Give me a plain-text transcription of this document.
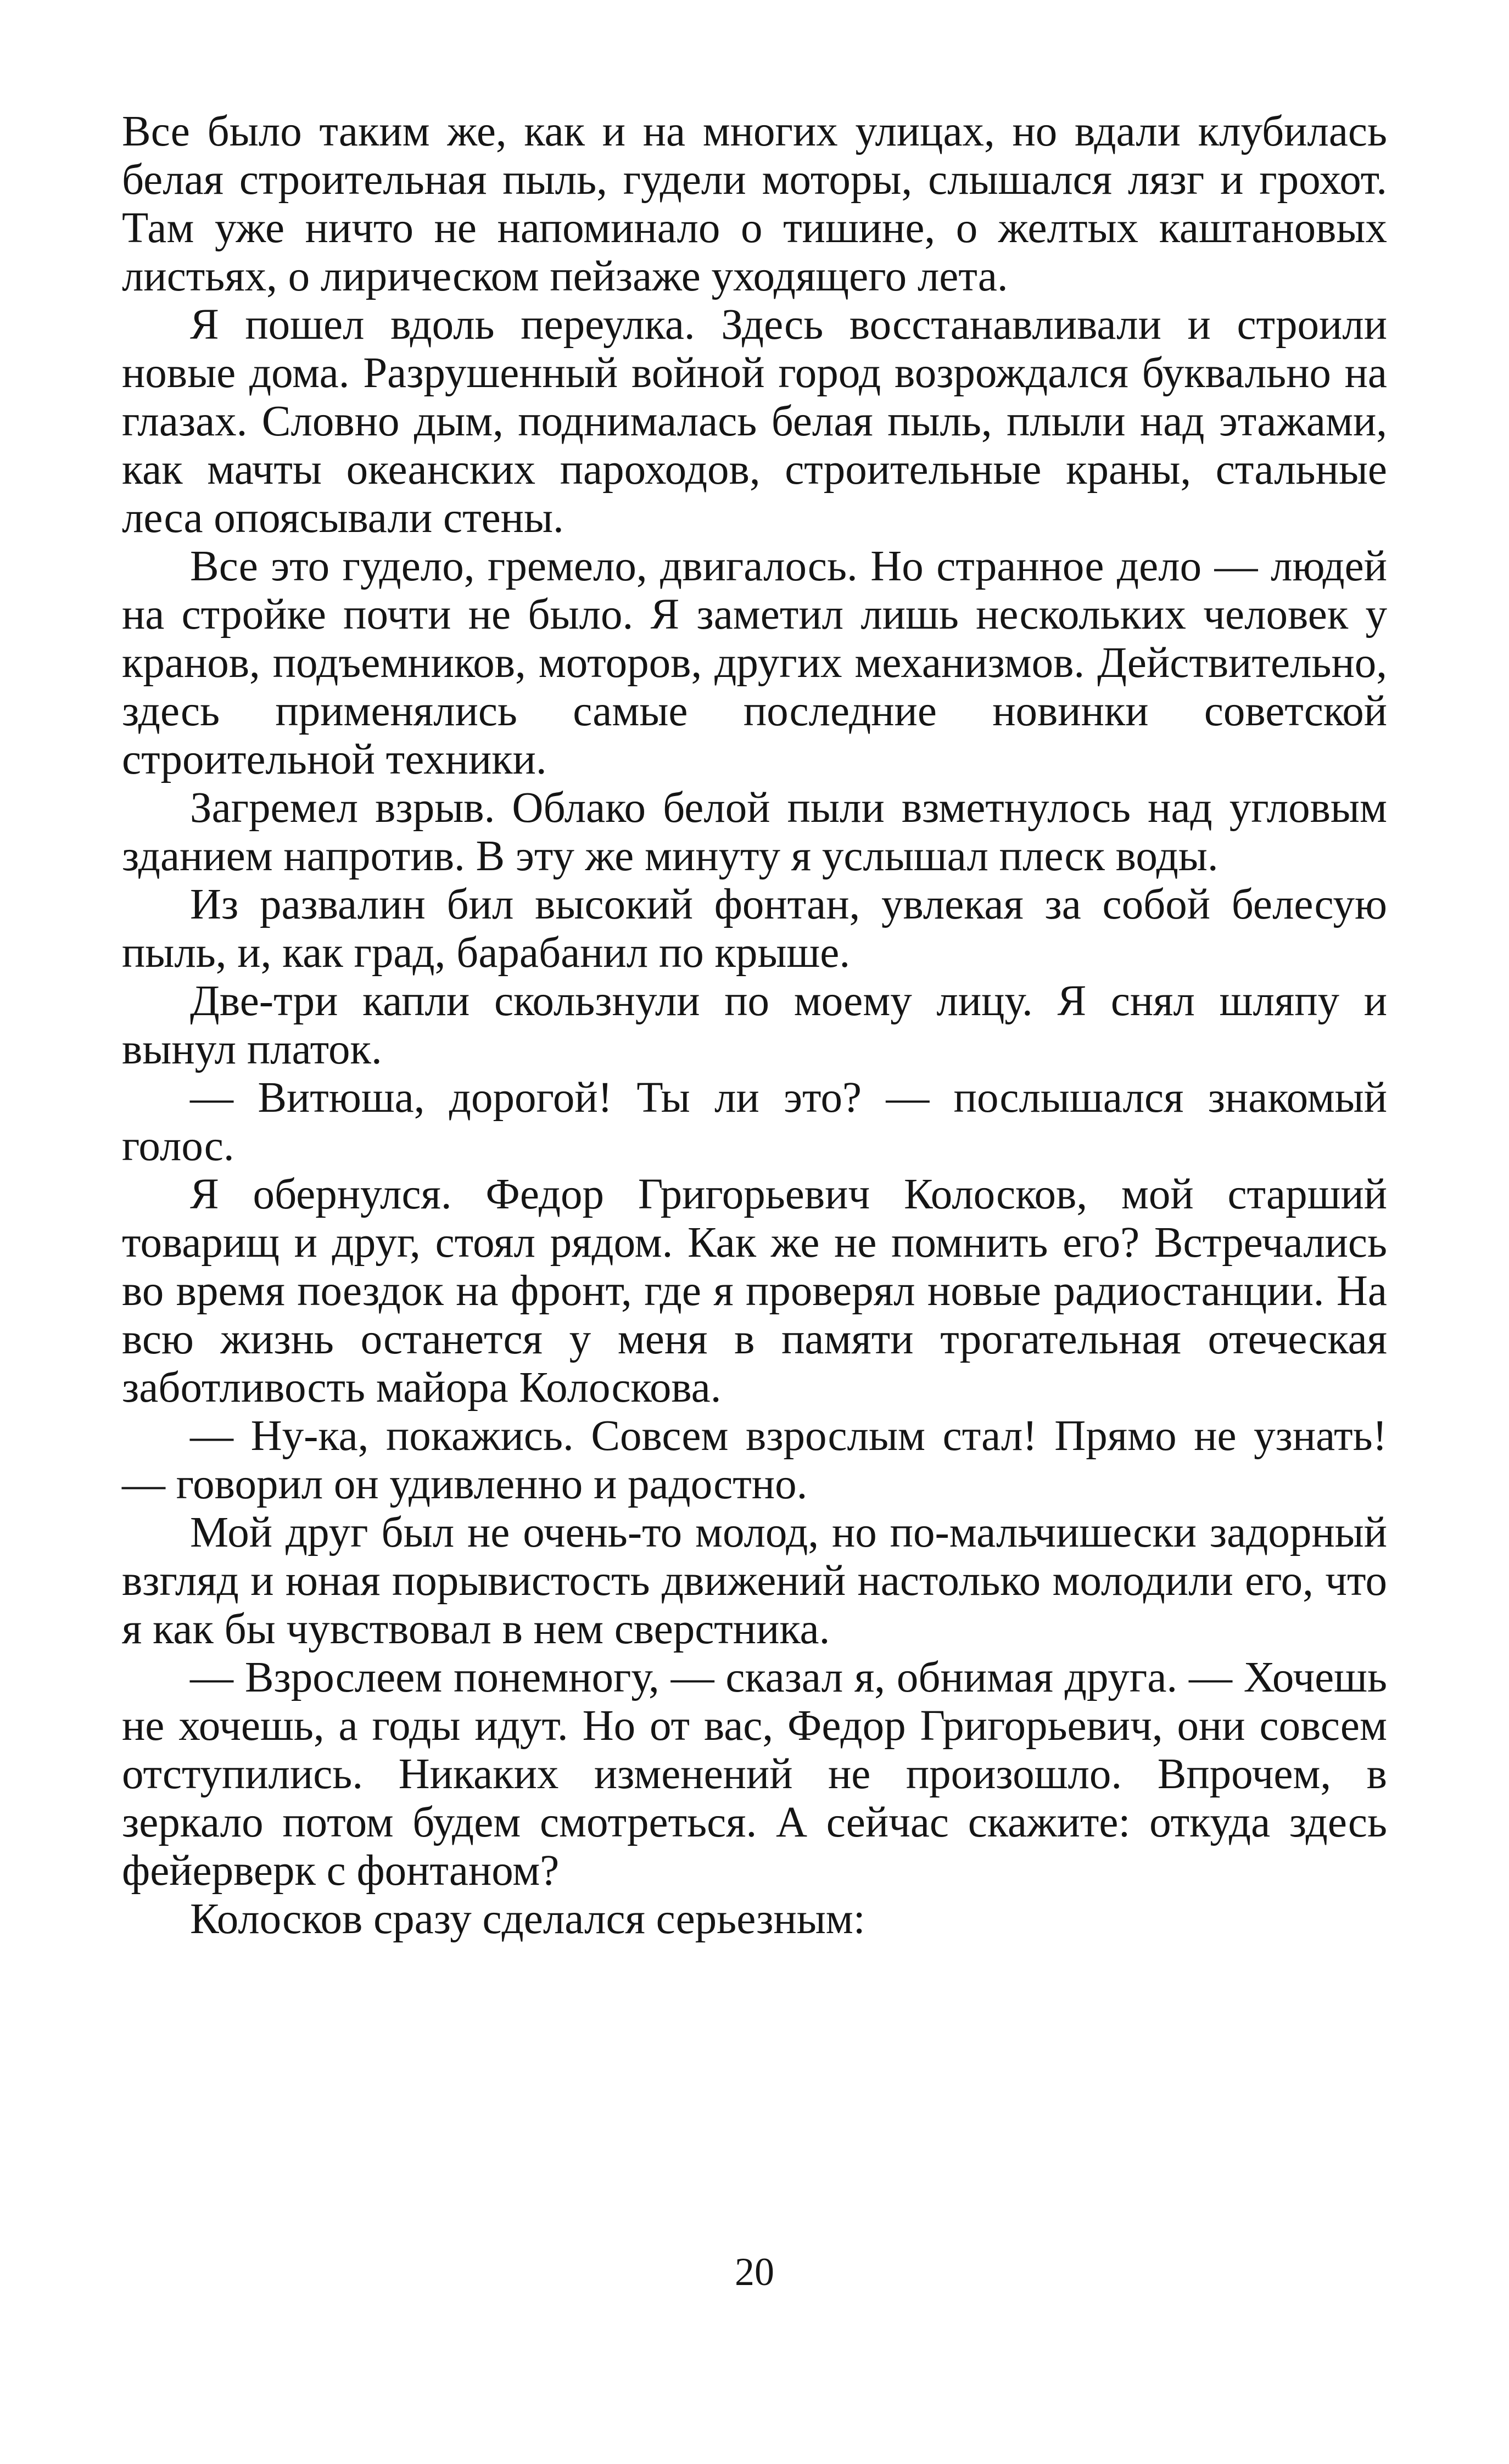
Все было таким же, как и на многих улицах, но вдали клубилась белая строительная пыль, гудели моторы, слышался лязг и грохот. Там уже ничто не напоминало о тишине, о желтых каштановых листьях, о лирическом пейзаже уходящего лета.

Я пошел вдоль переулка. Здесь восстанавливали и строили новые дома. Разрушенный войной город возрождался буквально на глазах. Словно дым, поднималась белая пыль, плыли над этажами, как мачты океанских пароходов, строительные краны, стальные леса опоясывали стены.

Все это гудело, гремело, двигалось. Но странное дело — людей на стройке почти не было. Я заметил лишь нескольких человек у кранов, подъемников, моторов, других механизмов. Действительно, здесь применялись самые последние новинки советской строительной техники.

Загремел взрыв. Облако белой пыли взметнулось над угловым зданием напротив. В эту же минуту я услышал плеск воды.

Из развалин бил высокий фонтан, увлекая за собой белесую пыль, и, как град, барабанил по крыше.

Две-три капли скользнули по моему лицу. Я снял шляпу и вынул платок.

— Витюша, дорогой! Ты ли это? — послышался знакомый голос.

Я обернулся. Федор Григорьевич Колосков, мой старший товарищ и друг, стоял рядом. Как же не помнить его? Встречались во время поездок на фронт, где я проверял новые радиостанции. На всю жизнь останется у меня в памяти трогательная отеческая заботливость майора Колоскова.

— Ну-ка, покажись. Совсем взрослым стал! Прямо не узнать! — говорил он удивленно и радостно.

Мой друг был не очень-то молод, но по-мальчишески задорный взгляд и юная порывистость движений настолько молодили его, что я как бы чувствовал в нем сверстника.

— Взрослеем понемногу, — сказал я, обнимая друга. — Хочешь не хочешь, а годы идут. Но от вас, Федор Григорьевич, они совсем отступились. Никаких изменений не произошло. Впрочем, в зеркало потом будем смотреться. А сейчас скажите: откуда здесь фейерверк с фонтаном?

Колосков сразу сделался серьезным:

20
